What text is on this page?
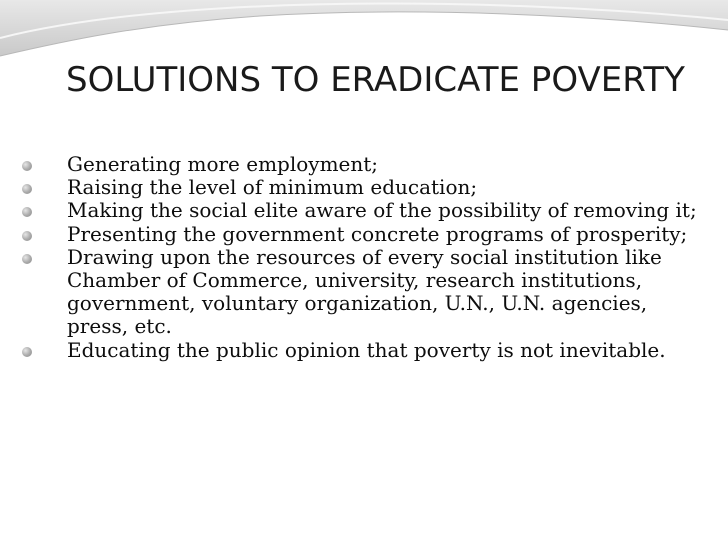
SOLUTIONS TO ERADICATE POVERTY
Generating more employment;
Raising the level of minimum education;
Making the social elite aware of the possibility of removing it;
Presenting the government concrete programs of prosperity;
Drawing upon the resources of every social institution like Chamber of Commerce, university, research institutions, government, voluntary organization, U.N., U.N. agencies, press, etc.
Educating the public opinion that poverty is not inevitable.
